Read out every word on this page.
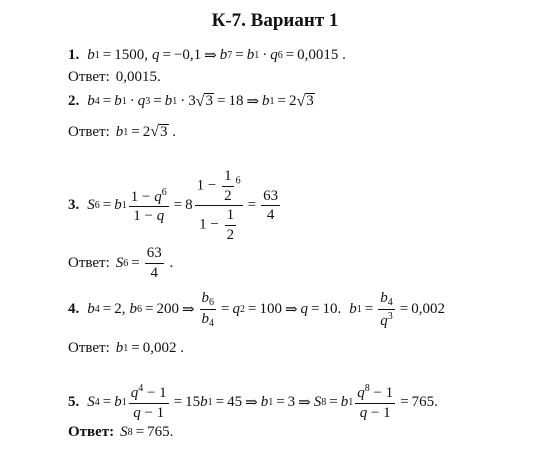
К-7. Вариант 1
1. b 1 = 1500 , q = −0,1 ⇒ b 7 = b 1 · q 6 = 0,0015 .
Ответ: 0,0015.
2. b 4 = b 1 · q 3 = b 1 · 3 √ 3 = 18 ⇒ b 1 = 2 √ 3
Ответ: b 1 = 2 √ 3 .
3. S 6 = b $1 \frac{1 - q^6}{1 - q} = 8 \frac{1 - \frac{1}{2} ^6}{1 - \frac{1}{2}} = \frac{63}{4}$
Ответ: S $6 = \frac{63}{4}$ .
4. b 4 = 2 , b 6 = 200 ⇒ $\frac{b_6}{b_4} = q$ 2 = 100 ⇒ q = 10 . b $1 = \frac{b_4}{q^3} = 0,002$
Ответ: b 1 = 0,002 .
5. S 4 = b $1 \frac{q^4 - 1}{q - 1} = 15$ b 1 = 45 ⇒ b 1 = 3 ⇒ S 8 = b $1 \frac{q^8 - 1}{q - 1} = 765$ .
Ответ: S 8 = 765 .
